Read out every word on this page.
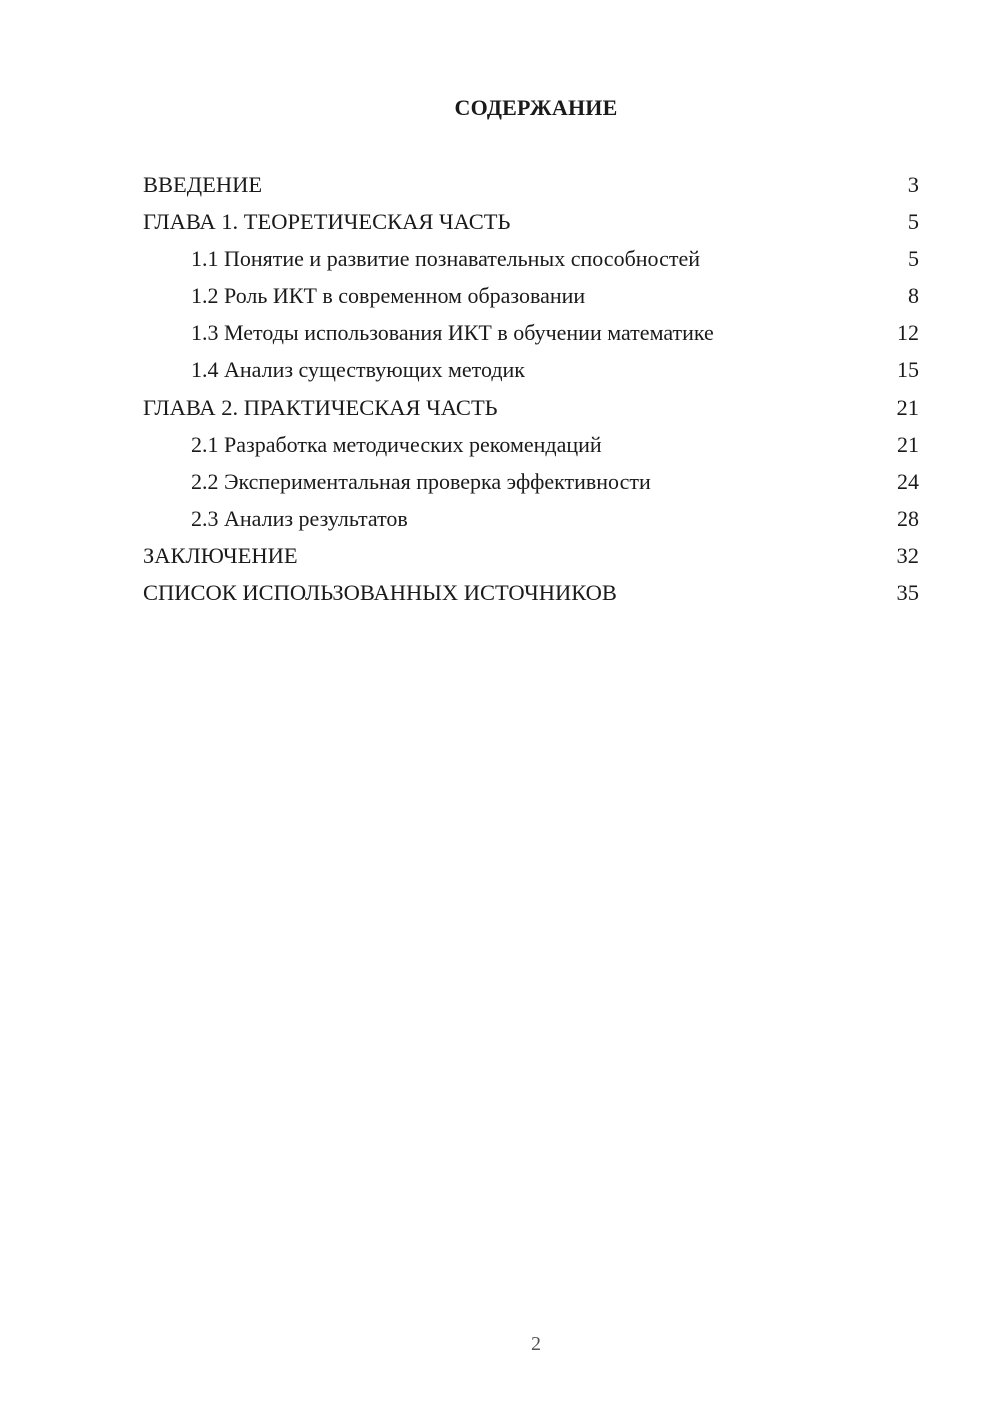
СОДЕРЖАНИЕ
ВВЕДЕНИЕ	3
ГЛАВА 1. ТЕОРЕТИЧЕСКАЯ ЧАСТЬ	5
1.1 Понятие и развитие познавательных способностей	5
1.2 Роль ИКТ в современном образовании	8
1.3 Методы использования ИКТ в обучении математике	12
1.4 Анализ существующих методик	15
ГЛАВА 2. ПРАКТИЧЕСКАЯ ЧАСТЬ	21
2.1 Разработка методических рекомендаций	21
2.2 Экспериментальная проверка эффективности	24
2.3 Анализ результатов	28
ЗАКЛЮЧЕНИЕ	32
СПИСОК ИСПОЛЬЗОВАННЫХ ИСТОЧНИКОВ	35
2
